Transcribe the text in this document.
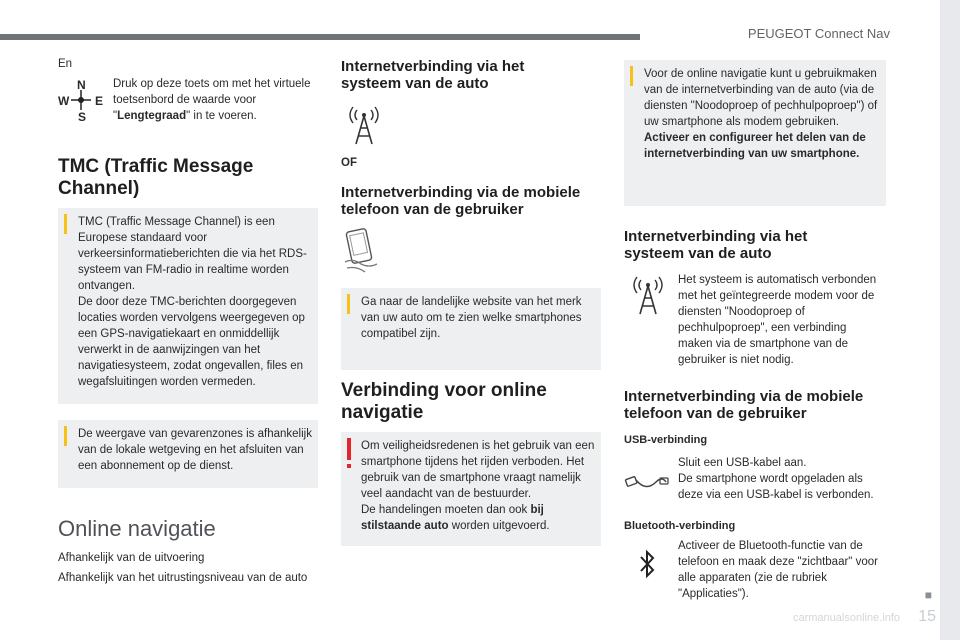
PEUGEOT Connect Nav
■
15
carmanualsonline.info
En
N
S
W E
Druk op deze toets om met het virtuele toetsenbord de waarde voor "Lengtegraad" in te voeren.
TMC (Traffic Message Channel)
TMC (Traffic Message Channel) is een Europese standaard voor verkeersinformatieberichten die via het RDS-systeem van FM-radio in realtime worden ontvangen.
De door deze TMC-berichten doorgegeven locaties worden vervolgens weergegeven op een GPS-navigatiekaart en onmiddellijk verwerkt in de aanwijzingen van het navigatiesysteem, zodat ongevallen, files en wegafsluitingen worden vermeden.
De weergave van gevarenzones is afhankelijk van de lokale wetgeving en het afsluiten van een abonnement op de dienst.
Online navigatie
Afhankelijk van de uitvoering
Afhankelijk van het uitrustingsniveau van de auto
Internetverbinding via het systeem van de auto
OF
Internetverbinding via de mobiele telefoon van de gebruiker
Ga naar de landelijke website van het merk van uw auto om te zien welke smartphones compatibel zijn.
Verbinding voor online navigatie
Om veiligheidsredenen is het gebruik van een smartphone tijdens het rijden verboden. Het gebruik van de smartphone vraagt namelijk veel aandacht van de bestuurder.
De handelingen moeten dan ook bij stilstaande auto worden uitgevoerd.
Voor de online navigatie kunt u gebruikmaken van de internetverbinding van de auto (via de diensten "Noodoproep of pechhulpoproep") of uw smartphone als modem gebruiken.
Activeer en configureer het delen van de internetverbinding van uw smartphone.
Internetverbinding via het systeem van de auto
Het systeem is automatisch verbonden met het geïntegreerde modem voor de diensten "Noodoproep of pechhulpoproep", een verbinding maken via de smartphone van de gebruiker is niet nodig.
Internetverbinding via de mobiele telefoon van de gebruiker
USB-verbinding
Sluit een USB-kabel aan.
De smartphone wordt opgeladen als deze via een USB-kabel is verbonden.
Bluetooth-verbinding
Activeer de Bluetooth-functie van de telefoon en maak deze "zichtbaar" voor alle apparaten (zie de rubriek "Applicaties").
